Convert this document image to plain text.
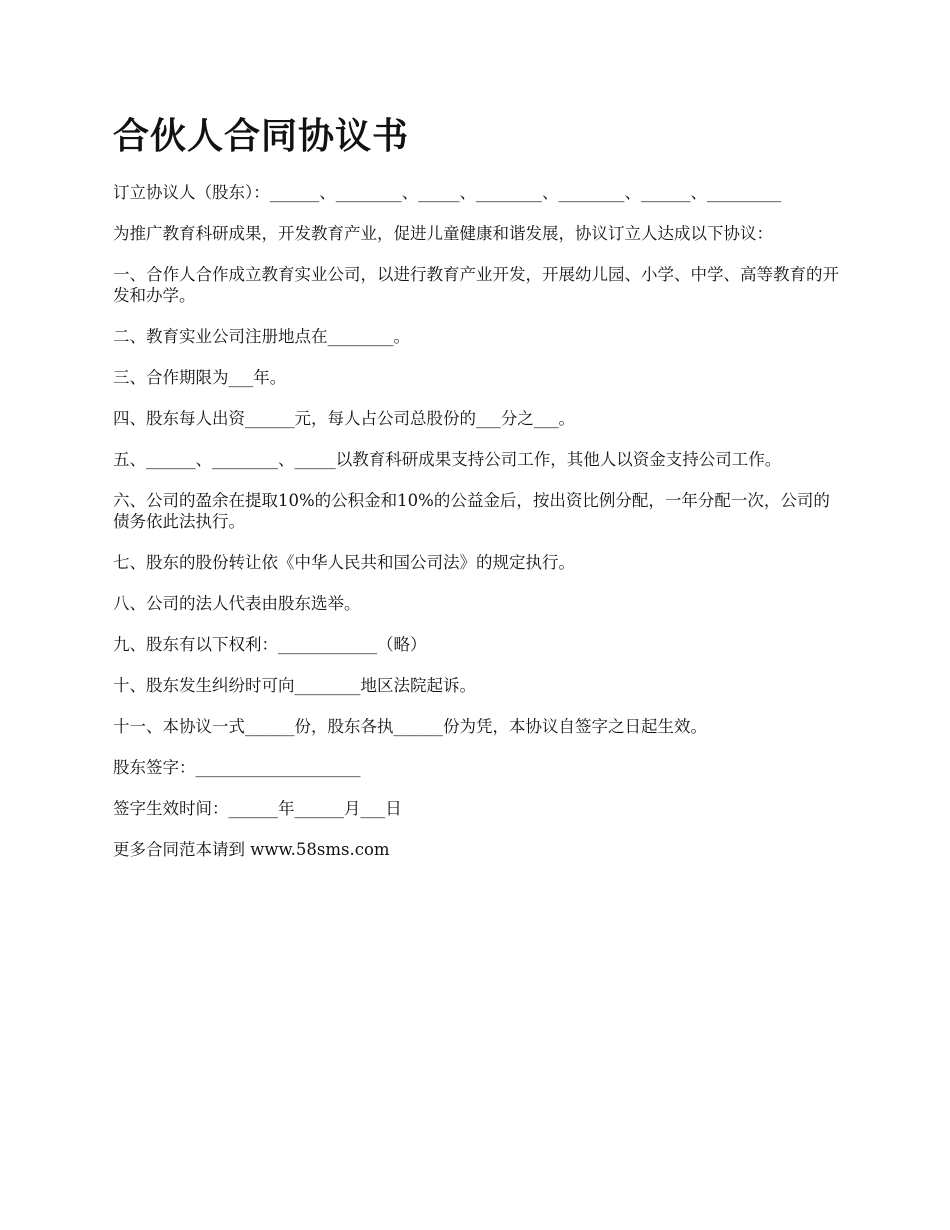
合伙人合同协议书

订立协议人（股东）：______、________、_____、________、________、______、_________

为推广教育科研成果，开发教育产业，促进儿童健康和谐发展，协议订立人达成以下协议：

一、合作人合作成立教育实业公司，以进行教育产业开发，开展幼儿园、小学、中学、高等教育的开发和办学。

二、教育实业公司注册地点在________。

三、合作期限为___年。

四、股东每人出资______元，每人占公司总股份的___分之___。

五、______、________、_____以教育科研成果支持公司工作，其他人以资金支持公司工作。

六、公司的盈余在提取10%的公积金和10%的公益金后，按出资比例分配，一年分配一次，公司的债务依此法执行。

七、股东的股份转让依《中华人民共和国公司法》的规定执行。

八、公司的法人代表由股东选举。

九、股东有以下权利：____________（略）

十、股东发生纠纷时可向________地区法院起诉。

十一、本协议一式______份，股东各执______份为凭，本协议自签字之日起生效。

股东签字：____________________

签字生效时间：______年______月___日

更多合同范本请到 www.58sms.com
